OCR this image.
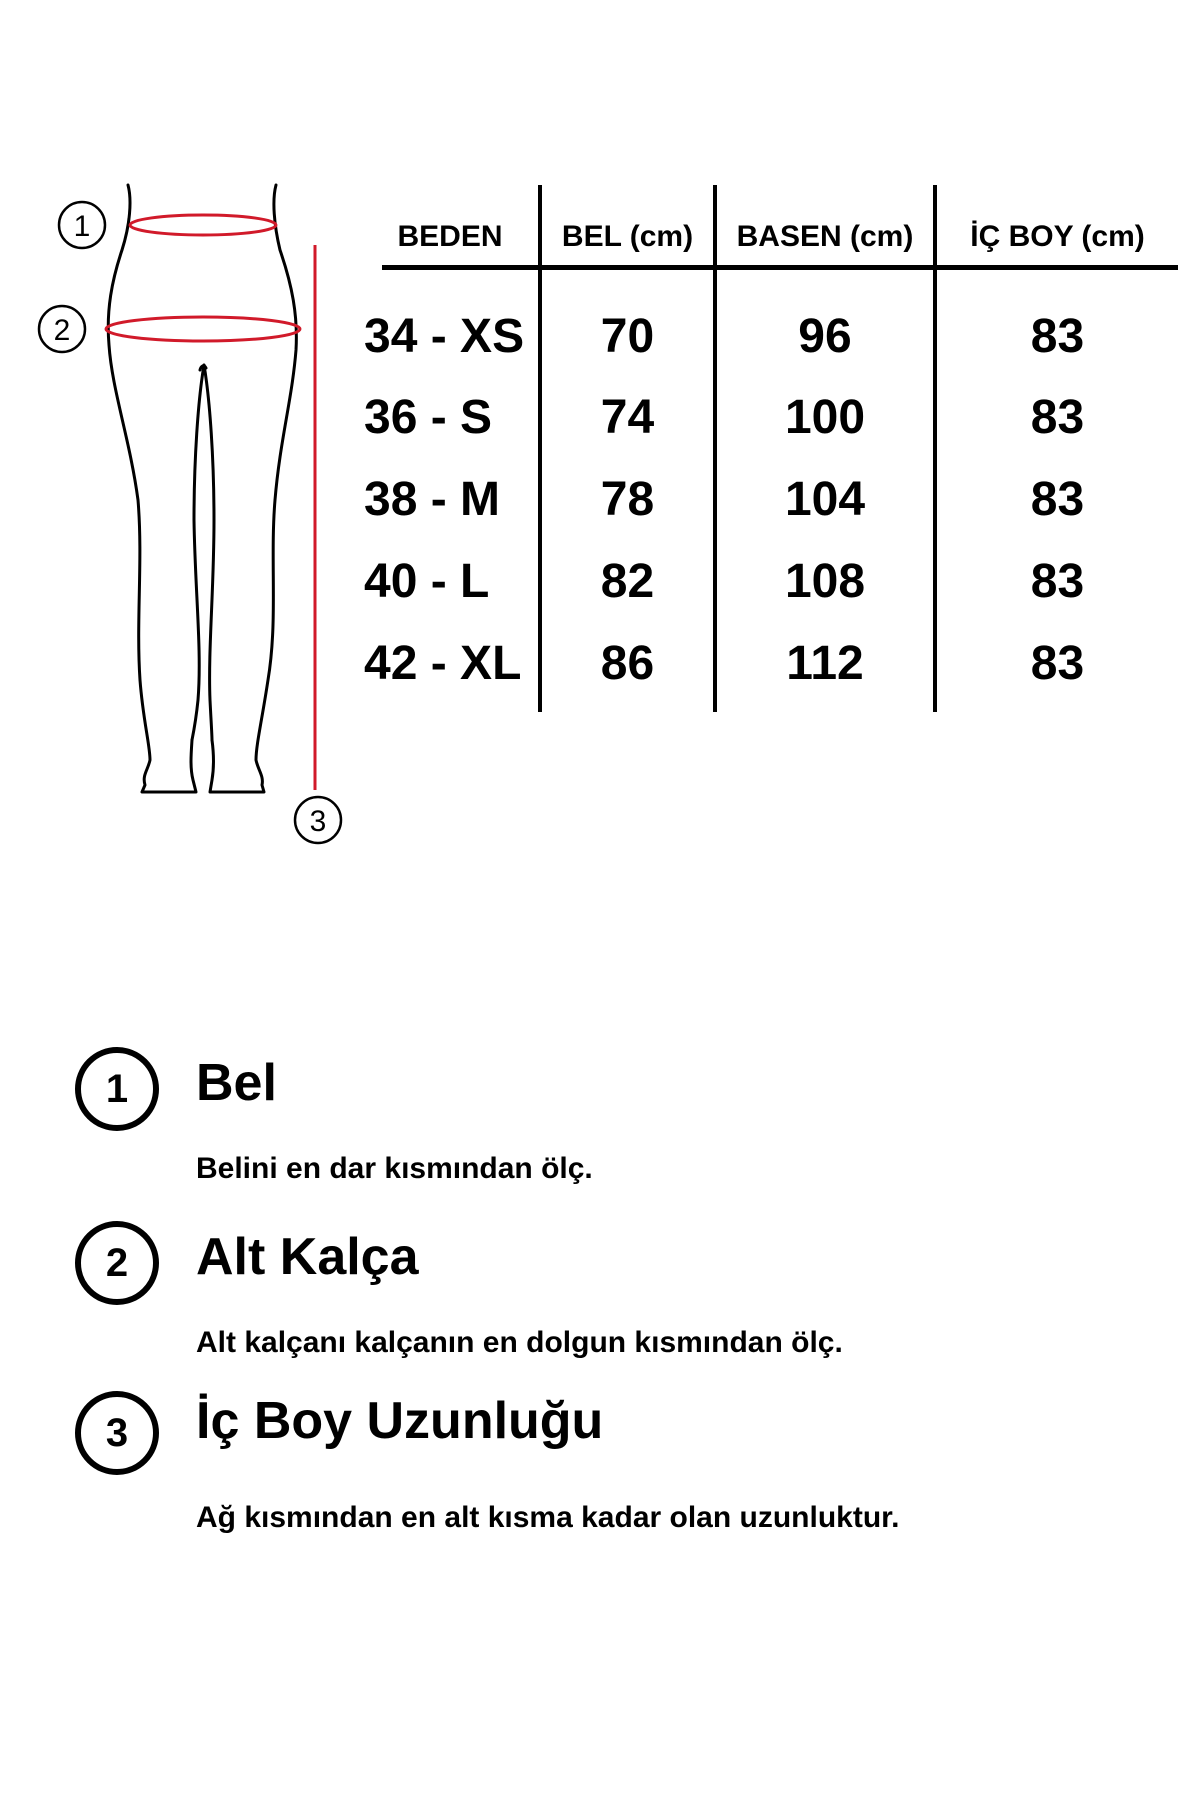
1
2
3
BEDEN	BEL (cm)	BASEN (cm)	İÇ BOY (cm)
34 - XS	70	96	83
36 - S	74	100	83
38 - M	78	104	83
40 - L	82	108	83
42 - XL	86	112	83
1	Bel
Belini en dar kısmından ölç.
2	Alt Kalça
Alt kalçanı kalçanın en dolgun kısmından ölç.
3	İç Boy Uzunluğu
Ağ kısmından en alt kısma kadar olan uzunluktur.
